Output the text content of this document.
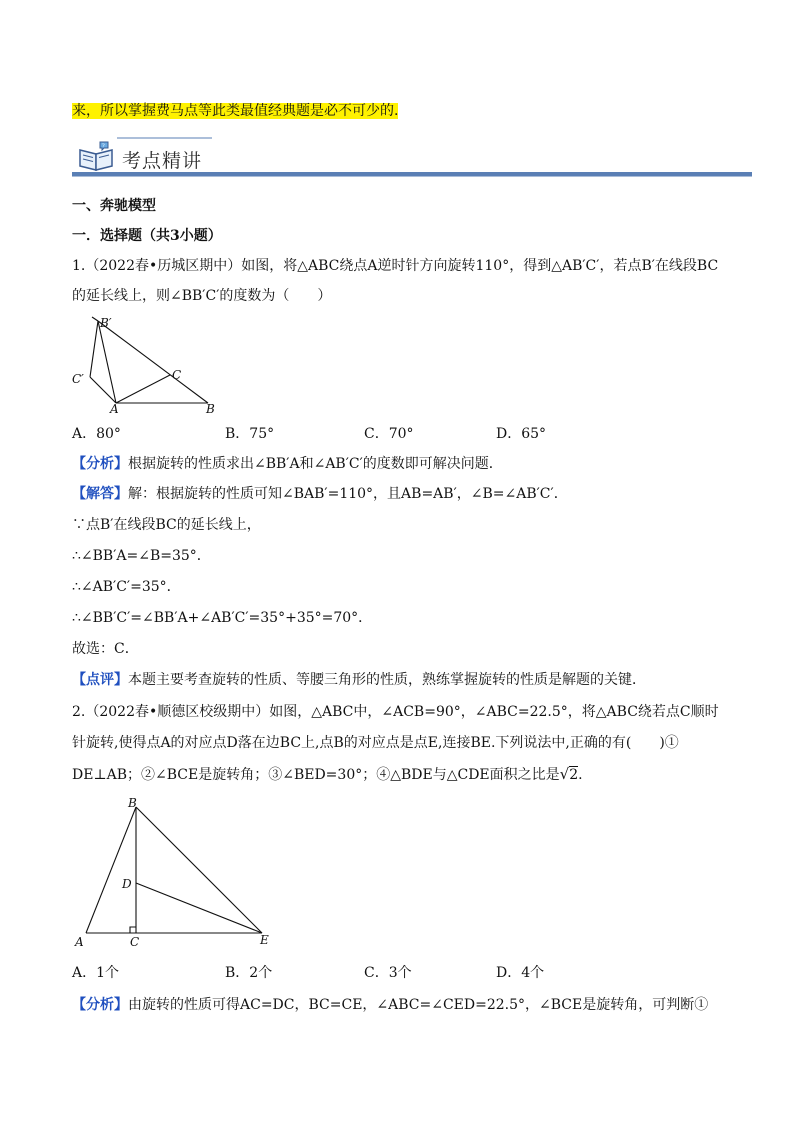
来，所以掌握费马点等此类最值经典题是必不可少的.
?
考点精讲
一、奔驰模型
一．选择题（共3小题）
1.（2022春•历城区期中）如图，将△ABC绕点A逆时针方向旋转110°，得到△AB′C′，若点B′在线段BC
的延长线上，则∠BB′C′的度数为（　　）
B′
C′	C
A	B
A．80°	B．75°	C．70°	D．65°
【分析】根据旋转的性质求出∠BB′A和∠AB′C′的度数即可解决问题．
【解答】解：根据旋转的性质可知∠BAB′=110°，且AB=AB′，∠B=∠AB′C′．
∵点B′在线段BC的延长线上，
∴∠BB′A=∠B=35°．
∴∠AB′C′=35°．
∴∠BB′C′=∠BB′A+∠AB′C′=35°+35°=70°．
故选：C．
【点评】本题主要考查旋转的性质、等腰三角形的性质，熟练掌握旋转的性质是解题的关键．
2.（2022春•顺德区校级期中）如图，△ABC中，∠ACB=90°，∠ABC=22.5°，将△ABC绕若点C顺时
针旋转,使得点A的对应点D落在边BC上,点B的对应点是点E,连接BE.下列说法中,正确的有(　　)①
DE⊥AB；②∠BCE是旋转角；③∠BED=30°；④△BDE与△CDE面积之比是√2.
B
D
A	C	E
A．1个	B．2个	C．3个	D．4个
【分析】由旋转的性质可得AC=DC，BC=CE，∠ABC=∠CED=22.5°，∠BCE是旋转角，可判断①
